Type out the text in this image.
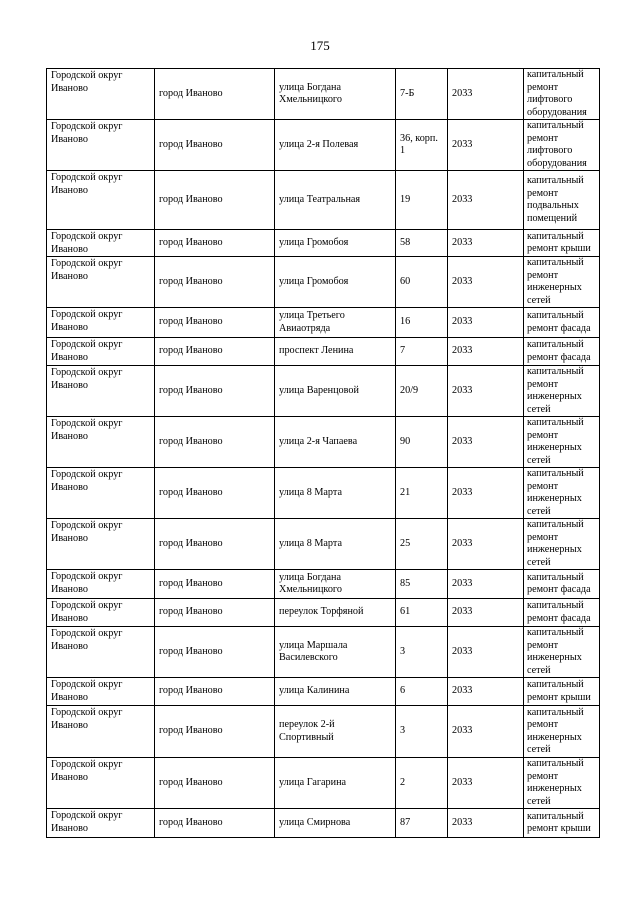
175
Городской округ Иваново	город Иваново	улица Богдана Хмельницкого	7-Б	2033	капитальный ремонт лифтового оборудования
Городской округ Иваново	город Иваново	улица 2-я Полевая	36, корп. 1	2033	капитальный ремонт лифтового оборудования
Городской округ Иваново	город Иваново	улица Театральная	19	2033	капитальный ремонт подвальных помещений
Городской округ Иваново	город Иваново	улица Громобоя	58	2033	капитальный ремонт крыши
Городской округ Иваново	город Иваново	улица Громобоя	60	2033	капитальный ремонт инженерных сетей
Городской округ Иваново	город Иваново	улица Третьего Авиаотряда	16	2033	капитальный ремонт фасада
Городской округ Иваново	город Иваново	проспект Ленина	7	2033	капитальный ремонт фасада
Городской округ Иваново	город Иваново	улица Варенцовой	20/9	2033	капитальный ремонт инженерных сетей
Городской округ Иваново	город Иваново	улица 2-я Чапаева	90	2033	капитальный ремонт инженерных сетей
Городской округ Иваново	город Иваново	улица 8 Марта	21	2033	капитальный ремонт инженерных сетей
Городской округ Иваново	город Иваново	улица 8 Марта	25	2033	капитальный ремонт инженерных сетей
Городской округ Иваново	город Иваново	улица Богдана Хмельницкого	85	2033	капитальный ремонт фасада
Городской округ Иваново	город Иваново	переулок Торфяной	61	2033	капитальный ремонт фасада
Городской округ Иваново	город Иваново	улица Маршала Василевского	3	2033	капитальный ремонт инженерных сетей
Городской округ Иваново	город Иваново	улица Калинина	6	2033	капитальный ремонт крыши
Городской округ Иваново	город Иваново	переулок 2-й Спортивный	3	2033	капитальный ремонт инженерных сетей
Городской округ Иваново	город Иваново	улица Гагарина	2	2033	капитальный ремонт инженерных сетей
Городской округ Иваново	город Иваново	улица Смирнова	87	2033	капитальный ремонт крыши
